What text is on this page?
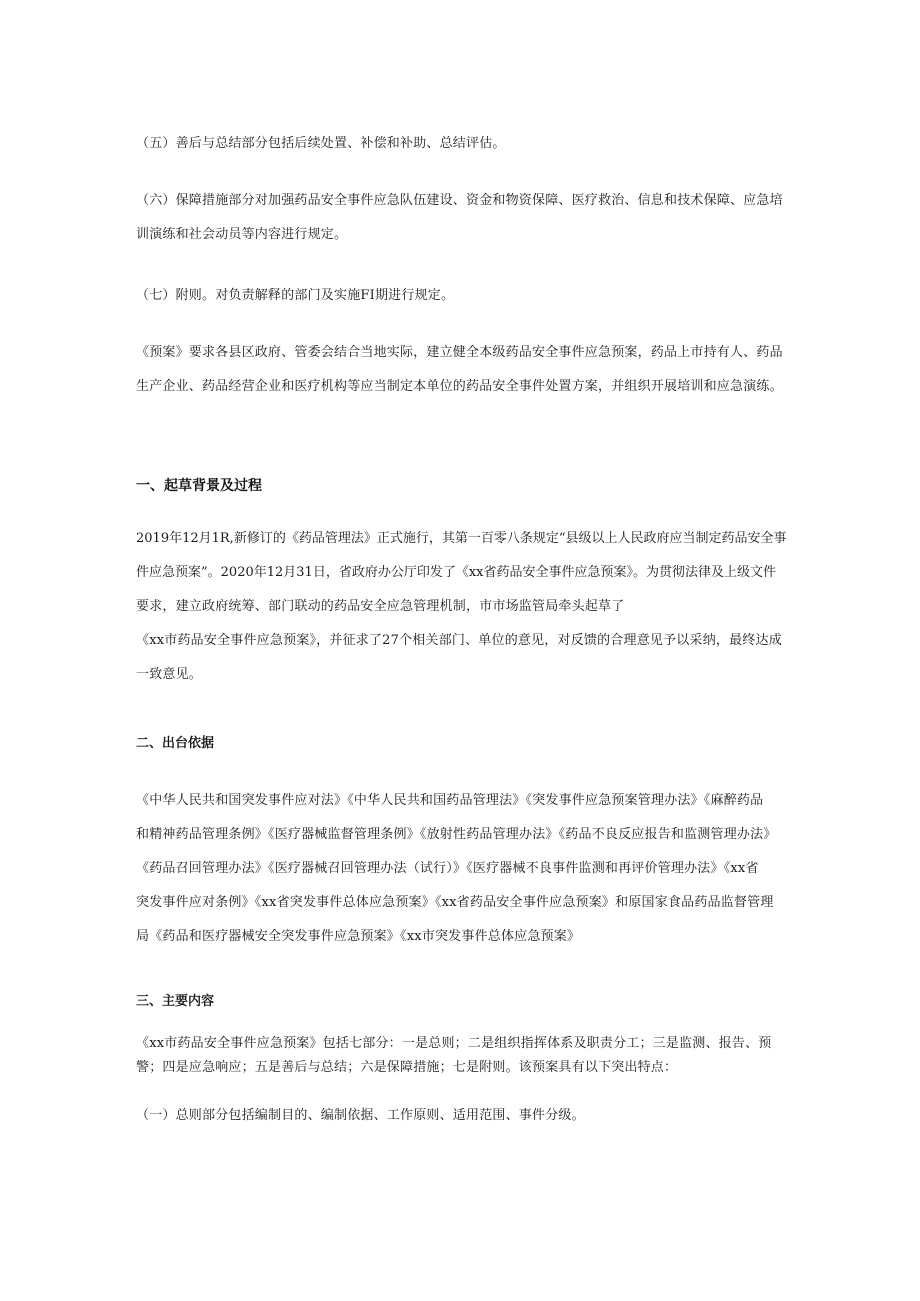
（五）善后与总结部分包括后续处置、补偿和补助、总结评估。

（六）保障措施部分对加强药品安全事件应急队伍建设、资金和物资保障、医疗救治、信息和技术保障、应急培
训演练和社会动员等内容进行规定。

（七）附则。对负责解释的部门及实施FI期进行规定。

《预案》要求各县区政府、管委会结合当地实际，建立健全本级药品安全事件应急预案，药品上市持有人、药品
生产企业、药品经营企业和医疗机构等应当制定本单位的药品安全事件处置方案，并组织开展培训和应急演练。

一、起草背景及过程

2019年12月1R,新修订的《药品管理法》正式施行，其第一百零八条规定“县级以上人民政府应当制定药品安全事
件应急预案”。2020年12月31日，省政府办公厅印发了《xx省药品安全事件应急预案》。为贯彻法律及上级文件
要求，建立政府统筹、部门联动的药品安全应急管理机制，市市场监管局牵头起草了
《xx市药品安全事件应急预案》，并征求了27个相关部门、单位的意见，对反馈的合理意见予以采纳，最终达成
一致意见。

二、出台依据

《中华人民共和国突发事件应对法》《中华人民共和国药品管理法》《突发事件应急预案管理办法》《麻醉药品
和精神药品管理条例》《医疗器械监督管理条例》《放射性药品管理办法》《药品不良反应报告和监测管理办法》
《药品召回管理办法》《医疗器械召回管理办法（试行）》《医疗器械不良事件监测和再评价管理办法》《xx省
突发事件应对条例》《xx省突发事件总体应急预案》《xx省药品安全事件应急预案》和原国家食品药品监督管理
局《药品和医疗器械安全突发事件应急预案》《xx市突发事件总体应急预案》

三、主要内容

《xx市药品安全事件应急预案》包括七部分：一是总则；二是组织指挥体系及职责分工；三是监测、报告、预
警；四是应急响应；五是善后与总结；六是保障措施；七是附则。该预案具有以下突出特点：

（一）总则部分包括编制目的、编制依据、工作原则、适用范围、事件分级。
